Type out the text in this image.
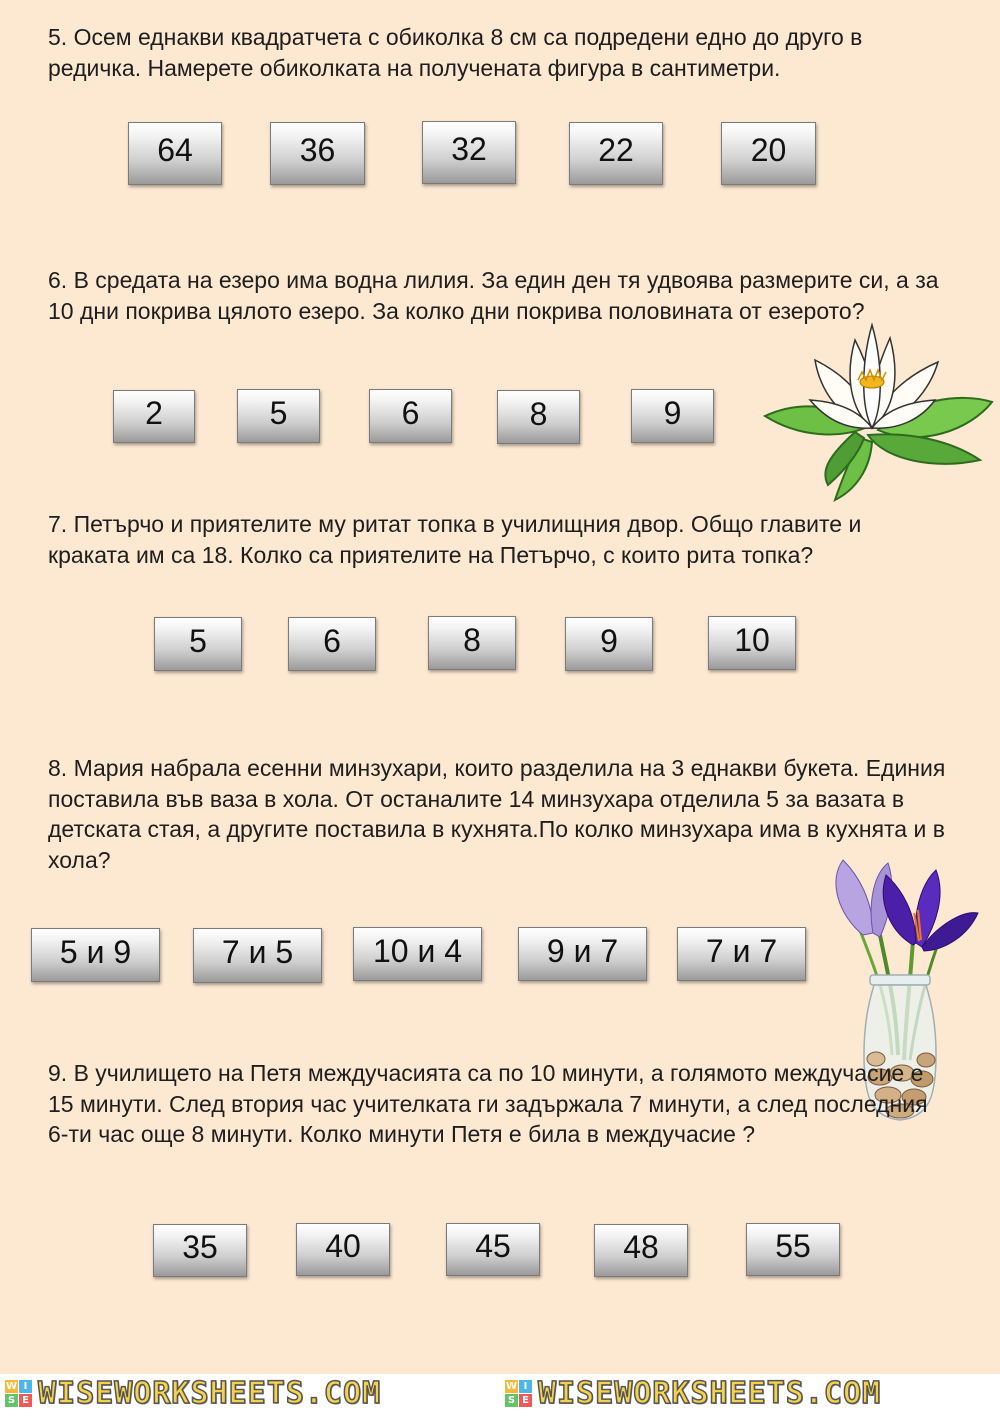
5. Осем еднакви квадратчета с обиколка 8 см са подредени едно до друго в редичка. Намерете обиколката на получената фигура в сантиметри.

64	36	32	22	20

6. В средата на езеро има водна лилия. За един ден тя удвоява размерите си, а за 10 дни покрива цялото езеро. За колко дни покрива половината от езерото?

2	5	6	8	9

7. Петърчо и приятелите му ритат топка в училищния двор. Общо главите и краката им са 18. Колко са приятелите на Петърчо, с които рита топка?

5	6	8	9	10

8. Мария набрала есенни минзухари, които разделила на 3 еднакви букета. Единия поставила във ваза в хола. От останалите 14 минзухара отделила 5 за вазата в детската стая, а другите поставила в кухнята.По колко минзухара има в кухнята и в хола?

5 и 9	7 и 5 10 и 4	9 и 7	7 и 7

9. В училището на Петя междучасията са по 10 минути, а голямото междучасие е 15 минути. След втория час учителката ги задържала 7 минути, а след последния 6-ти час още 8 минути. Колко минути Петя е била в междучасие ?

35	40	45	48	55
W I
S E WISEWORKSHEETS.COM	W I
S E WISEWORKSHEETS.COM
